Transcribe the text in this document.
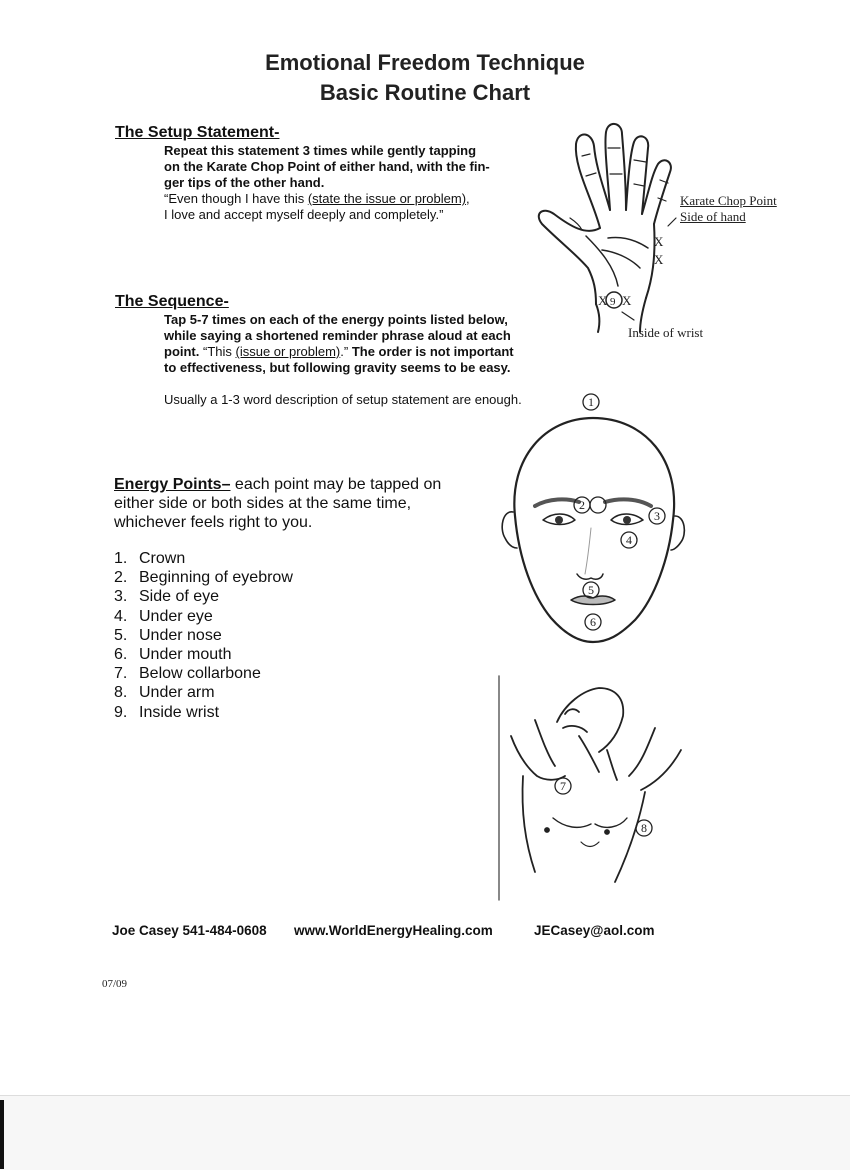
Emotional Freedom Technique
Basic Routine Chart
The Setup Statement-
Repeat this statement 3 times while gently tapping
on the Karate Chop Point of either hand, with the fin-
ger tips of the other hand.
“Even though I have this (state the issue or problem),
I love and accept myself deeply and completely.”
X
X
X 9 X
Karate Chop Point
Side of hand
Inside of wrist
The Sequence-
Tap 5-7 times on each of the energy points listed below,
while saying a shortened reminder phrase aloud at each
point. “This (issue or problem).” The order is not important
to effectiveness, but following gravity seems to be easy.
Usually a 1-3 word description of setup statement are enough.
Energy Points– each point may be tapped on
either side or both sides at the same time,
whichever feels right to you.
1. Crown
2. Beginning of eyebrow
3. Side of eye
4. Under eye
5. Under nose
6. Under mouth
7. Below collarbone
8. Under arm
9. Inside wrist
1
2
3
4
5
6
7
8
Joe Casey 541-484-0608 www.WorldEnergyHealing.com	JECasey@aol.com
07/09
